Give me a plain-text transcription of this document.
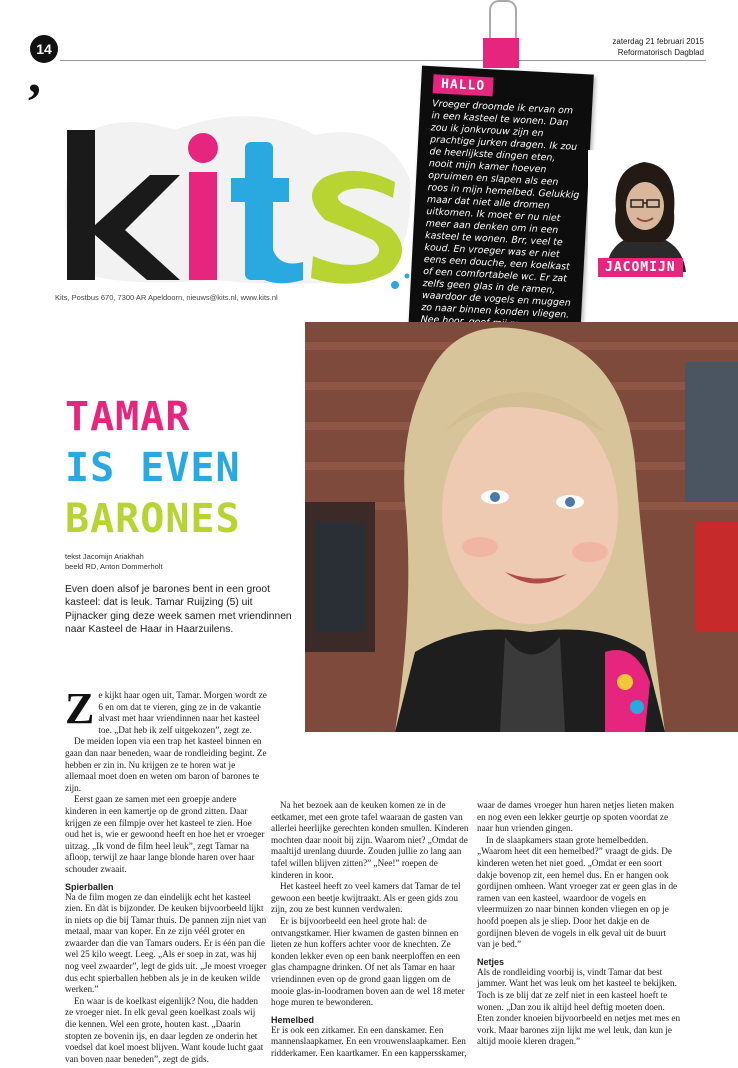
14
,
zaterdag 21 februari 2015
Reformatorisch Dagblad
Kits, Postbus 670, 7300 AR Apeldoorn, nieuws@kits.nl, www.kits.nl
HALLO
Vroeger droomde ik ervan om in een kasteel te wonen. Dan zou ik jonkvrouw zijn en prachtige jurken dragen. Ik zou de heerlijkste dingen eten, nooit mijn kamer hoeven opruimen en slapen als een roos in mijn hemelbed. Gelukkig maar dat niet alle dromen uitkomen. Ik moet er nu niet meer aan denken om in een kasteel te wonen. Brr, veel te koud. En vroeger was er niet eens een douche, een koelkast of een comfortabele wc. Er zat zelfs geen glas in de ramen, waardoor de vogels en muggen zo naar binnen konden vliegen. Nee
JACOMIJN
TAMAR
IS EVEN
BARONES
tekst Jacomijn Ariakhah
beeld RD, Anton Dommerholt
Even doen alsof je barones bent in een groot kasteel: dat is leuk. Tamar Ruijzing (5) uit Pijnacker ging deze week samen met vriendinnen naar Kasteel de Haar in Haarzuilens.
Z e kijkt haar ogen uit, Tamar. Morgen wordt ze 6 en om dat te vieren, ging ze in de vakantie alvast met haar vriendinnen naar het kasteel toe. „Dat heb ik zelf uitgekozen”, zegt ze.

De meiden lopen via een trap het kasteel binnen en gaan dan naar beneden, waar de rondleiding begint. Ze hebben er zin in. Nu krijgen ze te horen wat je allemaal moet doen en weten om baron of barones te zijn.

Eerst gaan ze samen met een groepje andere kinderen in een kamertje op de grond zitten. Daar krijgen ze een filmpje over het kasteel te zien. Hoe oud het is, wie er gewoond heeft en hoe het er vroeger uitzag. „Ik vond de film heel leuk”, zegt Tamar na afloop, terwijl ze haar lange blonde haren over haar schouder zwaait.

Spierballen

Na de film mogen ze dan eindelijk echt het kasteel zien. En dàt is bijzonder. De keuken bijvoorbeeld lijkt in niets op die bij Tamar thuis. De pannen zijn niet van metaal, maar van koper. En ze zijn véél groter en zwaarder dan die van Tamars ouders. Er is één pan die wel 25 kilo weegt. Leeg. „Als er soep in zat, was hij nog veel zwaarder”, legt de gids uit. „Je moest vroeger dus echt spierballen hebben als je in de keuken wilde werken.”

En waar is de koelkast eigenlijk? Nou, die hadden ze vroeger niet. In elk geval geen koelkast zoals wij die kennen. Wel een grote, houten kast. „Daarin stopten ze bovenin ijs, en daar legden ze onderin het voedsel dat koel moest blijven. Want koude lucht gaat van boven naar beneden”, zegt de gids.

Na het bezoek aan de keuken komen ze in de eetkamer, met een grote tafel waaraan de gasten van allerlei heerlijke gerechten konden smullen. Kinderen mochten daar nooit bij zijn. Waarom niet? „Omdat de maaltijd urenlang duurde. Zouden jullie zo lang aan tafel willen blijven zitten?” „Nee!” roepen de kinderen in koor.

Het kasteel heeft zo veel kamers dat Tamar de tel gewoon een beetje kwijtraakt. Als er geen gids zou zijn, zou ze best kunnen verdwalen.

Er is bijvoorbeeld een heel grote hal: de ontvangstkamer. Hier kwamen de gasten binnen en lieten ze hun koffers achter voor de knechten. Ze konden lekker even op een bank neerploffen en een glas champagne drinken. Of net als Tamar en haar vriendinnen even op de grond gaan liggen om de mooie glas-in-loodramen boven aan de wel 18 meter hoge muren te bewonderen.

Hemelbed

Er is ook een zitkamer. En een danskamer. Een mannenslaapkamer. En een vrouwenslaapkamer. Een ridderkamer. Een kaartkamer. En een kappersskamer,

waar de dames vroeger hun haren netjes lieten maken en nog even een lekker geurtje op spoten voordat ze naar hun vrienden gingen.

In de slaapkamers staan grote hemelbedden. „Waarom heet dit een hemelbed?” vraagt de gids. De kinderen weten het niet goed. „Omdat er een soort dakje bovenop zit, een hemel dus. En er hangen ook gordijnen omheen. Want vroeger zat er geen glas in de ramen van een kasteel, waardoor de vogels en vleermuizen zo naar binnen konden vliegen en op je hoofd poepen als je sliep. Door het dakje en de gordijnen bleven de vogels in elk geval uit de buurt van je bed.”

Netjes

Als de rondleiding voorbij is, vindt Tamar dat best jammer. Want het was leuk om het kasteel te bekijken. Toch is ze blij dat ze zelf niet in een kasteel hoeft te wonen. „Dan zou ik altijd heel deftig moeten doen. Eten zonder knoeien bijvoorbeeld en netjes met mes en vork. Maar barones zijn lijkt me wel leuk, dan kun je altijd mooie kleren dragen.”
